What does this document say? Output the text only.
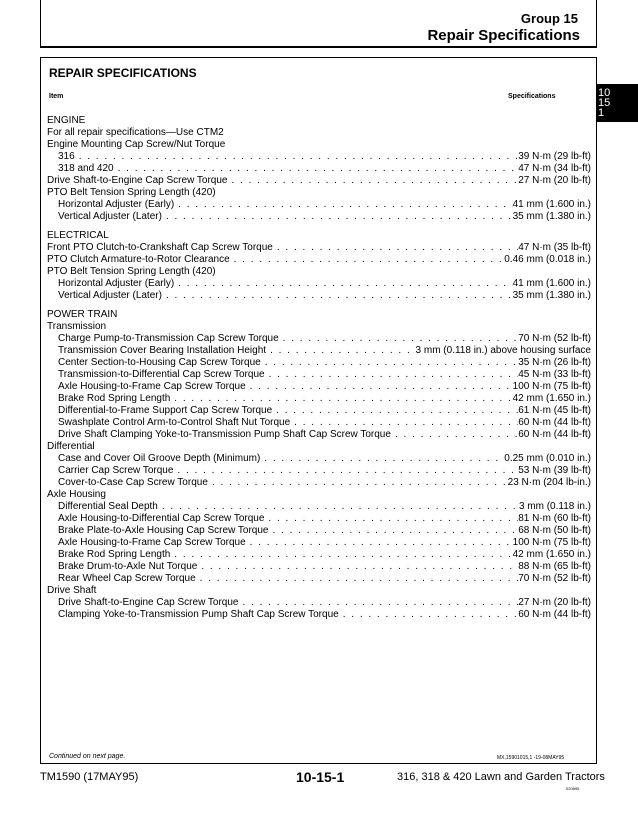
Group 15
Repair Specifications
10
15
1
REPAIR SPECIFICATIONS
Item	Specifications
ENGINE
For all repair specifications—Use CTM2
Engine Mounting Cap Screw/Nut Torque
316 . . .	39 N·m (29 lb-ft)
318 and 420 . . .	47 N·m (34 lb-ft)
Drive Shaft-to-Engine Cap Screw Torque . . .	27 N·m (20 lb-ft)
PTO Belt Tension Spring Length (420)
Horizontal Adjuster (Early) . . .	41 mm (1.600 in.)
Vertical Adjuster (Later) . . .	35 mm (1.380 in.)
ELECTRICAL
Front PTO Clutch-to-Crankshaft Cap Screw Torque . . .	47 N·m (35 lb-ft)
PTO Clutch Armature-to-Rotor Clearance . . .	0.46 mm (0.018 in.)
PTO Belt Tension Spring Length (420)
Horizontal Adjuster (Early) . . .	41 mm (1.600 in.)
Vertical Adjuster (Later) . . .	35 mm (1.380 in.)
POWER TRAIN
Transmission
Charge Pump-to-Transmission Cap Screw Torque . . .	70 N·m (52 lb-ft)
Transmission Cover Bearing Installation Height . . .	3 mm (0.118 in.) above housing surface
Center Section-to-Housing Cap Screw Torque . . .	35 N·m (26 lb-ft)
Transmission-to-Differential Cap Screw Torque . . .	45 N·m (33 lb-ft)
Axle Housing-to-Frame Cap Screw Torque . . .	100 N·m (75 lb-ft)
Brake Rod Spring Length . . .	42 mm (1.650 in.)
Differential-to-Frame Support Cap Screw Torque . . .	61 N·m (45 lb-ft)
Swashplate Control Arm-to-Control Shaft Nut Torque . . .	60 N·m (44 lb-ft)
Drive Shaft Clamping Yoke-to-Transmission Pump Shaft Cap Screw Torque . . .	60 N·m (44 lb-ft)
Differential
Case and Cover Oil Groove Depth (Minimum) . . .	0.25 mm (0.010 in.)
Carrier Cap Screw Torque . . .	53 N·m (39 lb-ft)
Cover-to-Case Cap Screw Torque . . .	23 N·m (204 lb-in.)
Axle Housing
Differential Seal Depth . . .	3 mm (0.118 in.)
Axle Housing-to-Differential Cap Screw Torque . . .	81 N·m (60 lb-ft)
Brake Plate-to-Axle Housing Cap Screw Torque . . .	68 N·m (50 lb-ft)
Axle Housing-to-Frame Cap Screw Torque . . .	100 N·m (75 lb-ft)
Brake Rod Spring Length . . .	42 mm (1.650 in.)
Brake Drum-to-Axle Nut Torque . . .	88 N·m (65 lb-ft)
Rear Wheel Cap Screw Torque . . .	70 N·m (52 lb-ft)
Drive Shaft
Drive Shaft-to-Engine Cap Screw Torque . . .	27 N·m (20 lb-ft)
Clamping Yoke-to-Transmission Pump Shaft Cap Screw Torque . . .	60 N·m (44 lb-ft)
Continued on next page.	MX,15901015,1 -19-08MAY95
TM1590 (17MAY95)	10-15-1	316, 318 & 420 Lawn and Garden Tractors
020895
